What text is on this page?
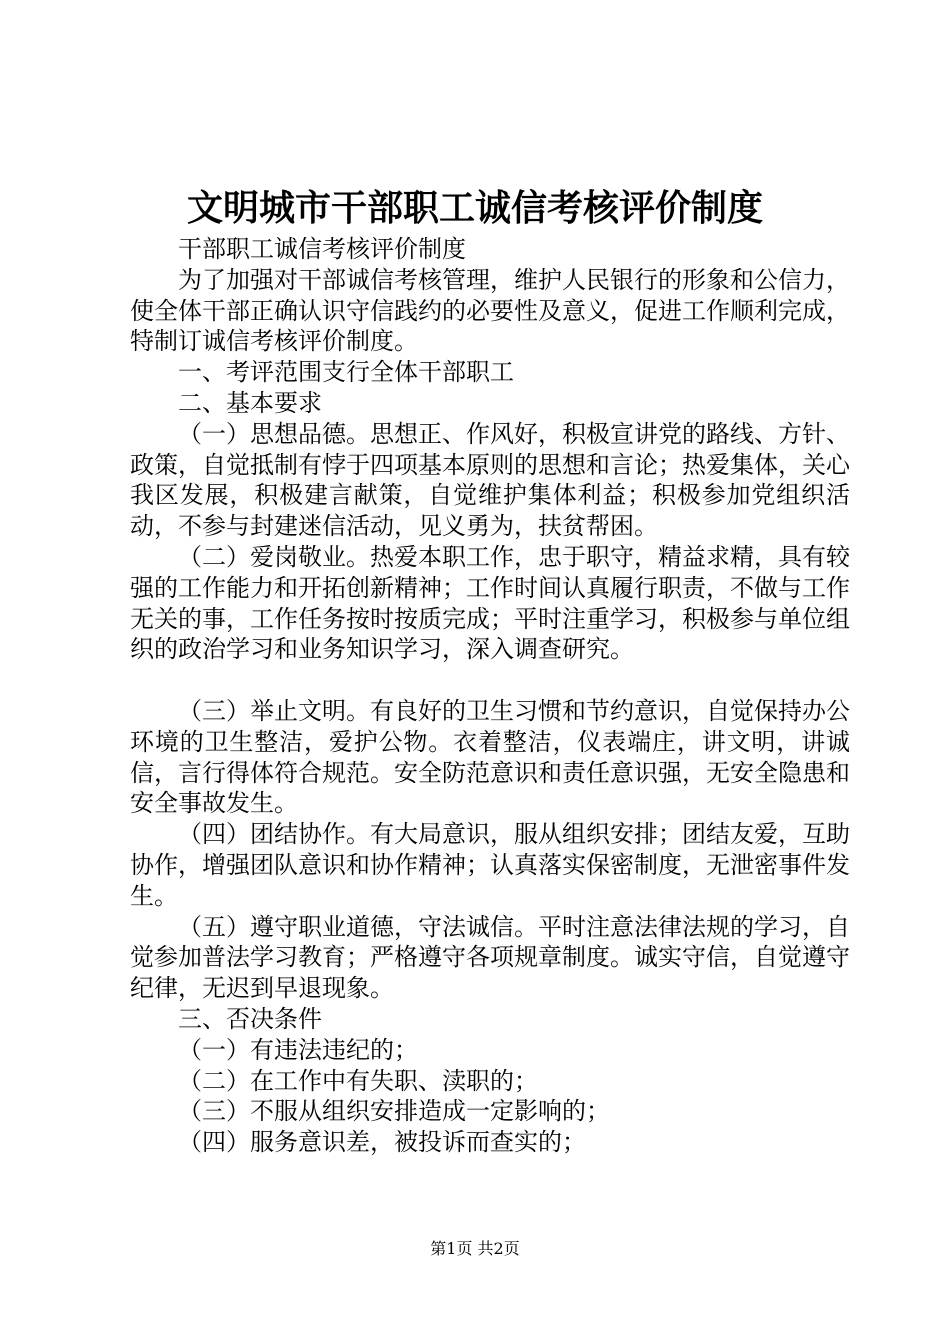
文明城市干部职工诚信考核评价制度

干部职工诚信考核评价制度

为了加强对干部诚信考核管理，维护人民银行的形象和公信力，使全体干部正确认识守信践约的必要性及意义，促进工作顺利完成，特制订诚信考核评价制度。

一、考评范围支行全体干部职工

二、基本要求

（一）思想品德。思想正、作风好，积极宣讲党的路线、方针、政策，自觉抵制有悖于四项基本原则的思想和言论；热爱集体，关心我区发展，积极建言献策，自觉维护集体利益；积极参加党组织活动，不参与封建迷信活动，见义勇为，扶贫帮困。

（二）爱岗敬业。热爱本职工作，忠于职守，精益求精，具有较强的工作能力和开拓创新精神；工作时间认真履行职责，不做与工作无关的事，工作任务按时按质完成；平时注重学习，积极参与单位组织的政治学习和业务知识学习，深入调查研究。

（三）举止文明。有良好的卫生习惯和节约意识，自觉保持办公环境的卫生整洁，爱护公物。衣着整洁，仪表端庄，讲文明，讲诚信，言行得体符合规范。安全防范意识和责任意识强，无安全隐患和安全事故发生。

（四）团结协作。有大局意识，服从组织安排；团结友爱，互助协作，增强团队意识和协作精神；认真落实保密制度，无泄密事件发生。

（五）遵守职业道德，守法诚信。平时注意法律法规的学习，自觉参加普法学习教育；严格遵守各项规章制度。诚实守信，自觉遵守纪律，无迟到早退现象。

三、否决条件

（一）有违法违纪的；

（二）在工作中有失职、渎职的；

（三）不服从组织安排造成一定影响的；

（四）服务意识差，被投诉而查实的；

第1页 共2页
